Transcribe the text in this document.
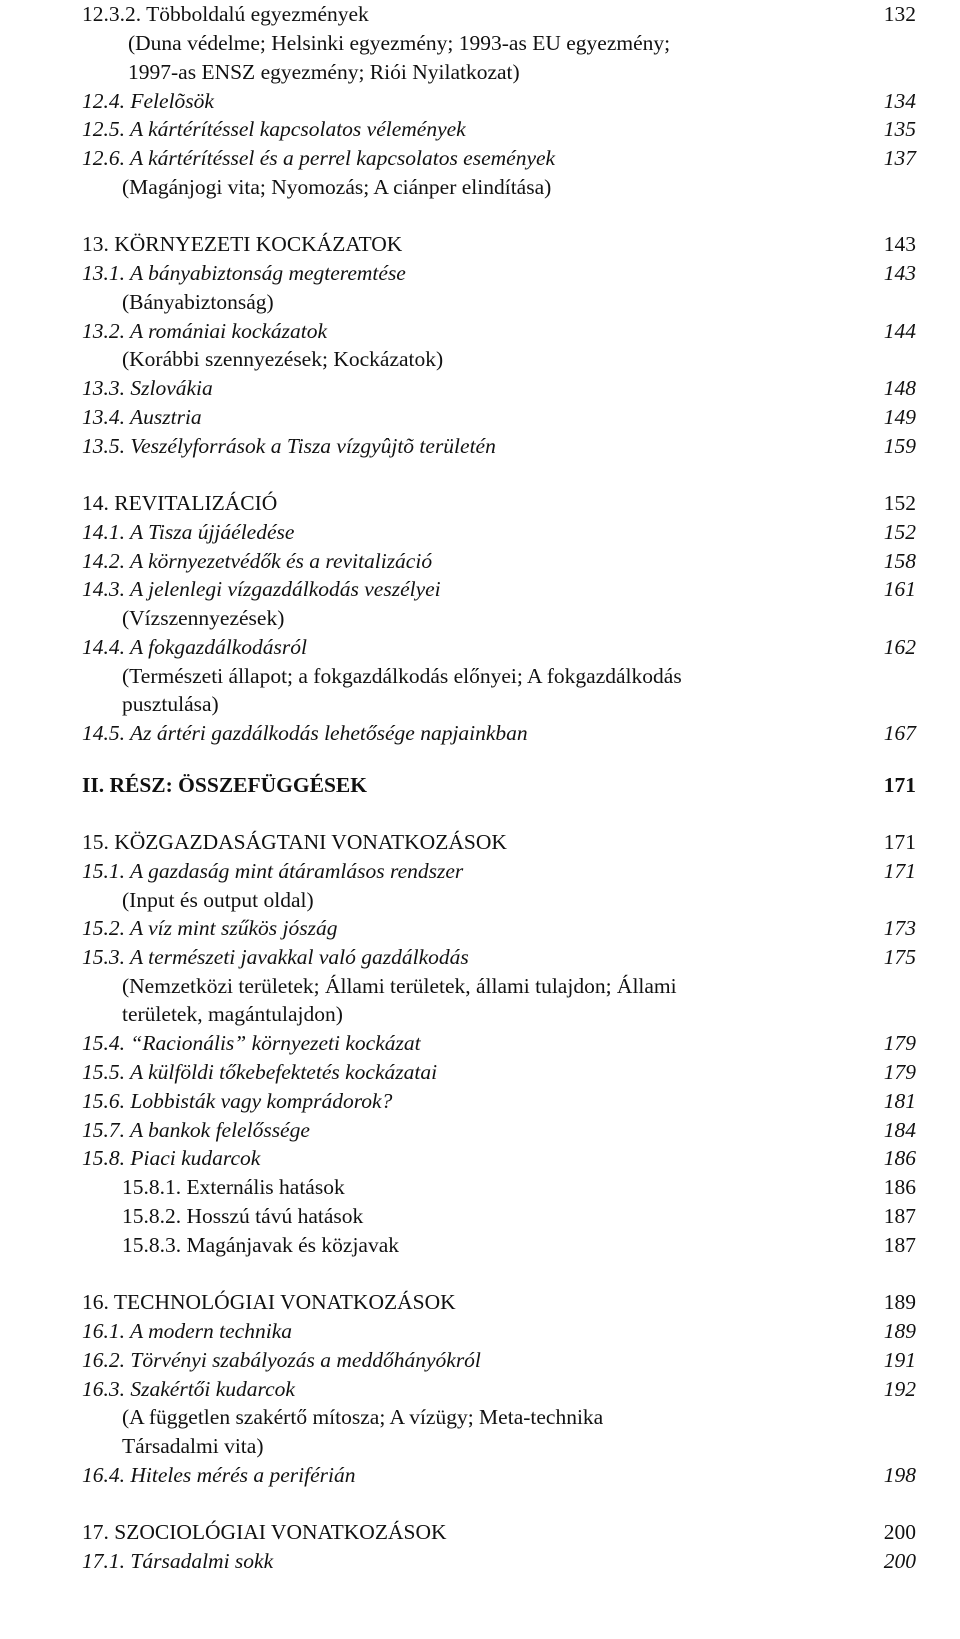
12.3.2. Többoldalú egyezmények	132
(Duna védelme; Helsinki egyezmény; 1993-as EU egyezmény;
1997-as ENSZ egyezmény; Riói Nyilatkozat)
12.4. Felelõsök	134
12.5. A kártérítéssel kapcsolatos vélemények	135
12.6. A kártérítéssel és a perrel kapcsolatos események	137
(Magánjogi vita; Nyomozás; A ciánper elindítása)
13. KÖRNYEZETI KOCKÁZATOK	143
13.1. A bányabiztonság megteremtése	143
(Bányabiztonság)
13.2. A romániai kockázatok	144
(Korábbi szennyezések; Kockázatok)
13.3. Szlovákia	148
13.4. Ausztria	149
13.5. Veszélyforrások a Tisza vízgyûjtõ területén	159
14. REVITALIZÁCIÓ	152
14.1. A Tisza újjáéledése	152
14.2. A környezetvédők és a revitalizáció	158
14.3. A jelenlegi vízgazdálkodás veszélyei	161
(Vízszennyezések)
14.4. A fokgazdálkodásról	162
(Természeti állapot; a fokgazdálkodás előnyei; A fokgazdálkodás
pusztulása)
14.5. Az ártéri gazdálkodás lehetősége napjainkban	167
II. RÉSZ: ÖSSZEFÜGGÉSEK	171
15. KÖZGAZDASÁGTANI VONATKOZÁSOK	171
15.1. A gazdaság mint átáramlásos rendszer	171
(Input és output oldal)
15.2. A víz mint szűkös jószág	173
15.3. A természeti javakkal való gazdálkodás	175
(Nemzetközi területek; Állami területek, állami tulajdon; Állami
területek, magántulajdon)
15.4. “Racionális” környezeti kockázat	179
15.5. A külföldi tőkebefektetés kockázatai	179
15.6. Lobbisták vagy komprádorok?	181
15.7. A bankok felelőssége	184
15.8. Piaci kudarcok	186
15.8.1. Externális hatások	186
15.8.2. Hosszú távú hatások	187
15.8.3. Magánjavak és közjavak	187
16. TECHNOLÓGIAI VONATKOZÁSOK	189
16.1. A modern technika	189
16.2. Törvényi szabályozás a meddőhányókról	191
16.3. Szakértői kudarcok	192
(A független szakértő mítosza; A vízügy; Meta-technika
Társadalmi vita)
16.4. Hiteles mérés a periférián	198
17. SZOCIOLÓGIAI VONATKOZÁSOK	200
17.1. Társadalmi sokk	200
